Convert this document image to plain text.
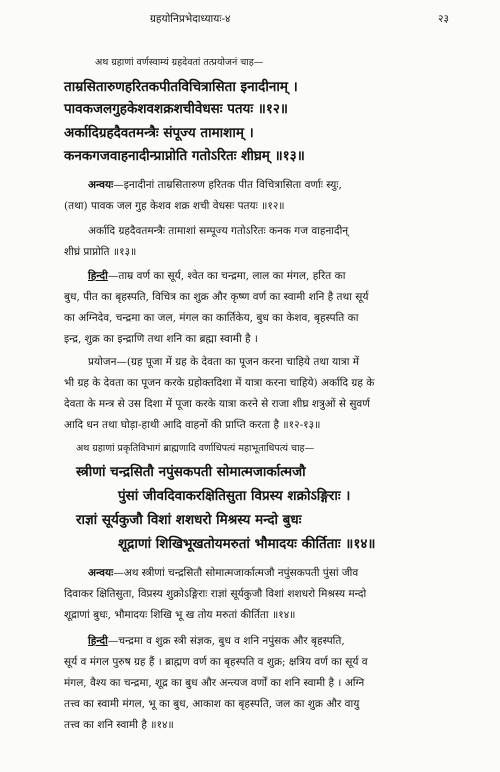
ग्रहयोनिप्रभेदाध्यायः-४	२३
अथ ग्रहाणां वर्णस्वाम्यं ग्रहदेवतां तत्प्रयोजनं चाह—
ताम्रसितारुणहरितकपीतविचित्रासिता इनादीनाम् ।
पावकजलगुहकेशवशक्रशचीवेधसः पतयः ॥१२॥
अर्कादिग्रहदैवतमन्त्रैः संपूज्य तामाशाम् ।
कनकगजवाहनादीन्प्राप्नोति गतोऽरितः शीघ्रम् ॥१३॥
अन्वयः—इनादीनां ताम्रसितारुण हरितक पीत विचित्रासिता वर्णाः स्युः,
(तथा) पावक जल गुह केशव शक्र शची वेधसः पतयः ॥१२॥
अर्कादि ग्रहदैवतमन्त्रैः तामाशां सम्पूज्य गतोऽरितः कनक गज वाहनादीन्
शीघ्रं प्राप्नोति ॥१३॥
हिन्दी—ताम्र वर्ण का सूर्य, श्वेत का चन्द्रमा, लाल का मंगल, हरित का
बुध, पीत का बृहस्पति, विचित्र का शुक्र और कृष्ण वर्ण का स्वामी शनि है तथा सूर्य
का अग्निदेव, चन्द्रमा का जल, मंगल का कार्तिकेय, बुध का केशव, बृहस्पति का
इन्द्र, शुक्र का इन्द्राणि तथा शनि का ब्रह्मा स्वामी है ।
प्रयोजन—(ग्रह पूजा में ग्रह के देवता का पूजन करना चाहिये तथा यात्रा में
भी ग्रह के देवता का पूजन करके ग्रहोक्तदिशा में यात्रा करना चाहिये) अर्कादि ग्रह के
देवता के मन्त्र से उस दिशा में पूजा करके यात्रा करने से राजा शीघ्र शत्रुओं से सुवर्ण
आदि धन तथा घोड़ा-हाथी आदि वाहनों की प्राप्ति करता है ॥१२-१३॥
अथ ग्रहाणां प्रकृतिविभागं ब्राह्मणादि वर्णाधिपत्यं महाभूताधिपत्यं चाह—
स्त्रीणां चन्द्रसितौ नपुंसकपती सोमात्मजार्कात्मजौ
पुंसां जीवदिवाकरक्षितिसुता विप्रस्य शक्रोऽङ्गिराः ।
राज्ञां सूर्यकुजौ विशां शशधरो मिश्रस्य मन्दो बुधः
शूद्राणां शिखिभूखतोयमरुतां भौमादयः कीर्तिताः ॥१४॥
अन्वयः—अथ स्त्रीणां चन्द्रसितौ सोमात्मजार्कात्मजौ नपुंसकपती पुंसां जीव
दिवाकर क्षितिसुता, विप्रस्य शुक्रोऽङ्गिराः राज्ञां सूर्यकुजौ विशां शशधरो मिश्रस्य मन्दो
शूद्राणां बुधः, भौमादयः शिखि भू ख तोय मरुतां कीर्तिता ॥१४॥
हिन्दी—चन्द्रमा व शुक्र स्त्री संज्ञक, बुध व शनि नपुंसक और बृहस्पति,
सूर्य व मंगल पुरुष ग्रह हैं । ब्राह्मण वर्ण का बृहस्पति व शुक्र; क्षत्रिय वर्ण का सूर्य व
मंगल, वैश्य का चन्द्रमा, शूद्र का बुध और अन्त्यज वर्णों का शनि स्वामी है । अग्नि
तत्त्व का स्वामी मंगल, भू का बुध, आकाश का बृहस्पति, जल का शुक्र और वायु
तत्त्व का शनि स्वामी है ॥१४॥
